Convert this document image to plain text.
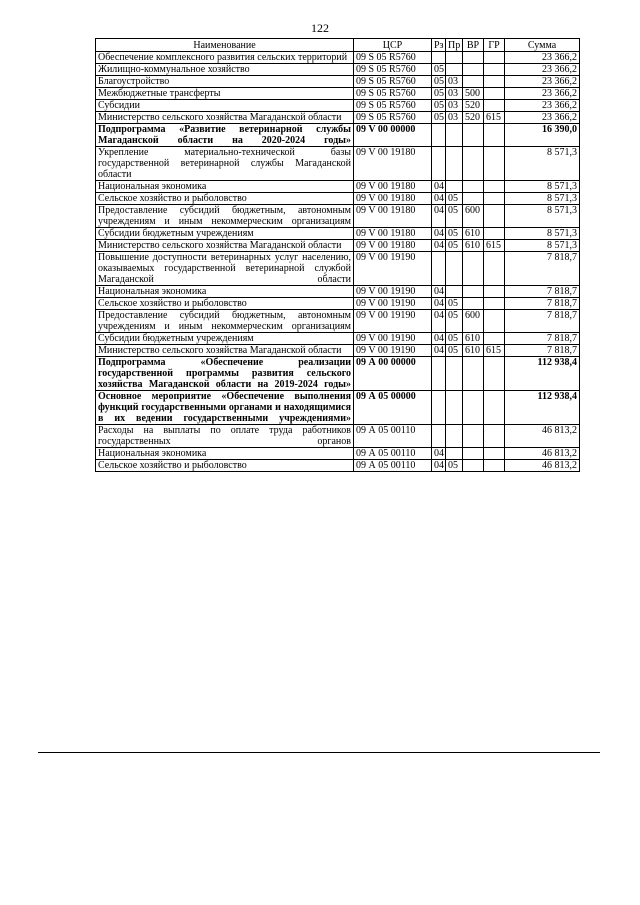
122
Наименование	ЦСР	Рз	Пр	ВР	ГР	Сумма
Обеспечение комплексного развития сельских территорий	09 S 05 R5760					23 366,2
Жилищно-коммунальное хозяйство	09 S 05 R5760	05				23 366,2
Благоустройство	09 S 05 R5760	05	03			23 366,2
Межбюджетные трансферты	09 S 05 R5760	05	03	500		23 366,2
Субсидии	09 S 05 R5760	05	03	520		23 366,2
Министерство сельского хозяйства Магаданской области	09 S 05 R5760	05	03	520	615	23 366,2
Подпрограмма «Развитие ветеринарной службы Магаданской области на 2020-2024 годы»	09 V 00 00000					16 390,0
Укрепление материально-технической базы государственной ветеринарной службы Магаданской области	09 V 00 19180					8 571,3
Национальная экономика	09 V 00 19180	04				8 571,3
Сельское хозяйство и рыболовство	09 V 00 19180	04	05			8 571,3
Предоставление субсидий бюджетным, автономным учреждениям и иным некоммерческим организациям	09 V 00 19180	04	05	600		8 571,3
Субсидии бюджетным учреждениям	09 V 00 19180	04	05	610		8 571,3
Министерство сельского хозяйства Магаданской области	09 V 00 19180	04	05	610	615	8 571,3
Повышение доступности ветеринарных услуг населению, оказываемых государственной ветеринарной службой Магаданской области	09 V 00 19190					7 818,7
Национальная экономика	09 V 00 19190	04				7 818,7
Сельское хозяйство и рыболовство	09 V 00 19190	04	05			7 818,7
Предоставление субсидий бюджетным, автономным учреждениям и иным некоммерческим организациям	09 V 00 19190	04	05	600		7 818,7
Субсидии бюджетным учреждениям	09 V 00 19190	04	05	610		7 818,7
Министерство сельского хозяйства Магаданской области	09 V 00 19190	04	05	610	615	7 818,7
Подпрограмма «Обеспечение реализации государственной программы развития сельского хозяйства Магаданской области на 2019-2024 годы»	09 А 00 00000					112 938,4
Основное мероприятие «Обеспечение выполнения функций государственными органами и находящимися в их ведении государственными учреждениями»	09 А 05 00000					112 938,4
Расходы на выплаты по оплате труда работников государственных органов	09 А 05 00110					46 813,2
Национальная экономика	09 А 05 00110	04				46 813,2
Сельское хозяйство и рыболовство	09 А 05 00110	04	05			46 813,2
